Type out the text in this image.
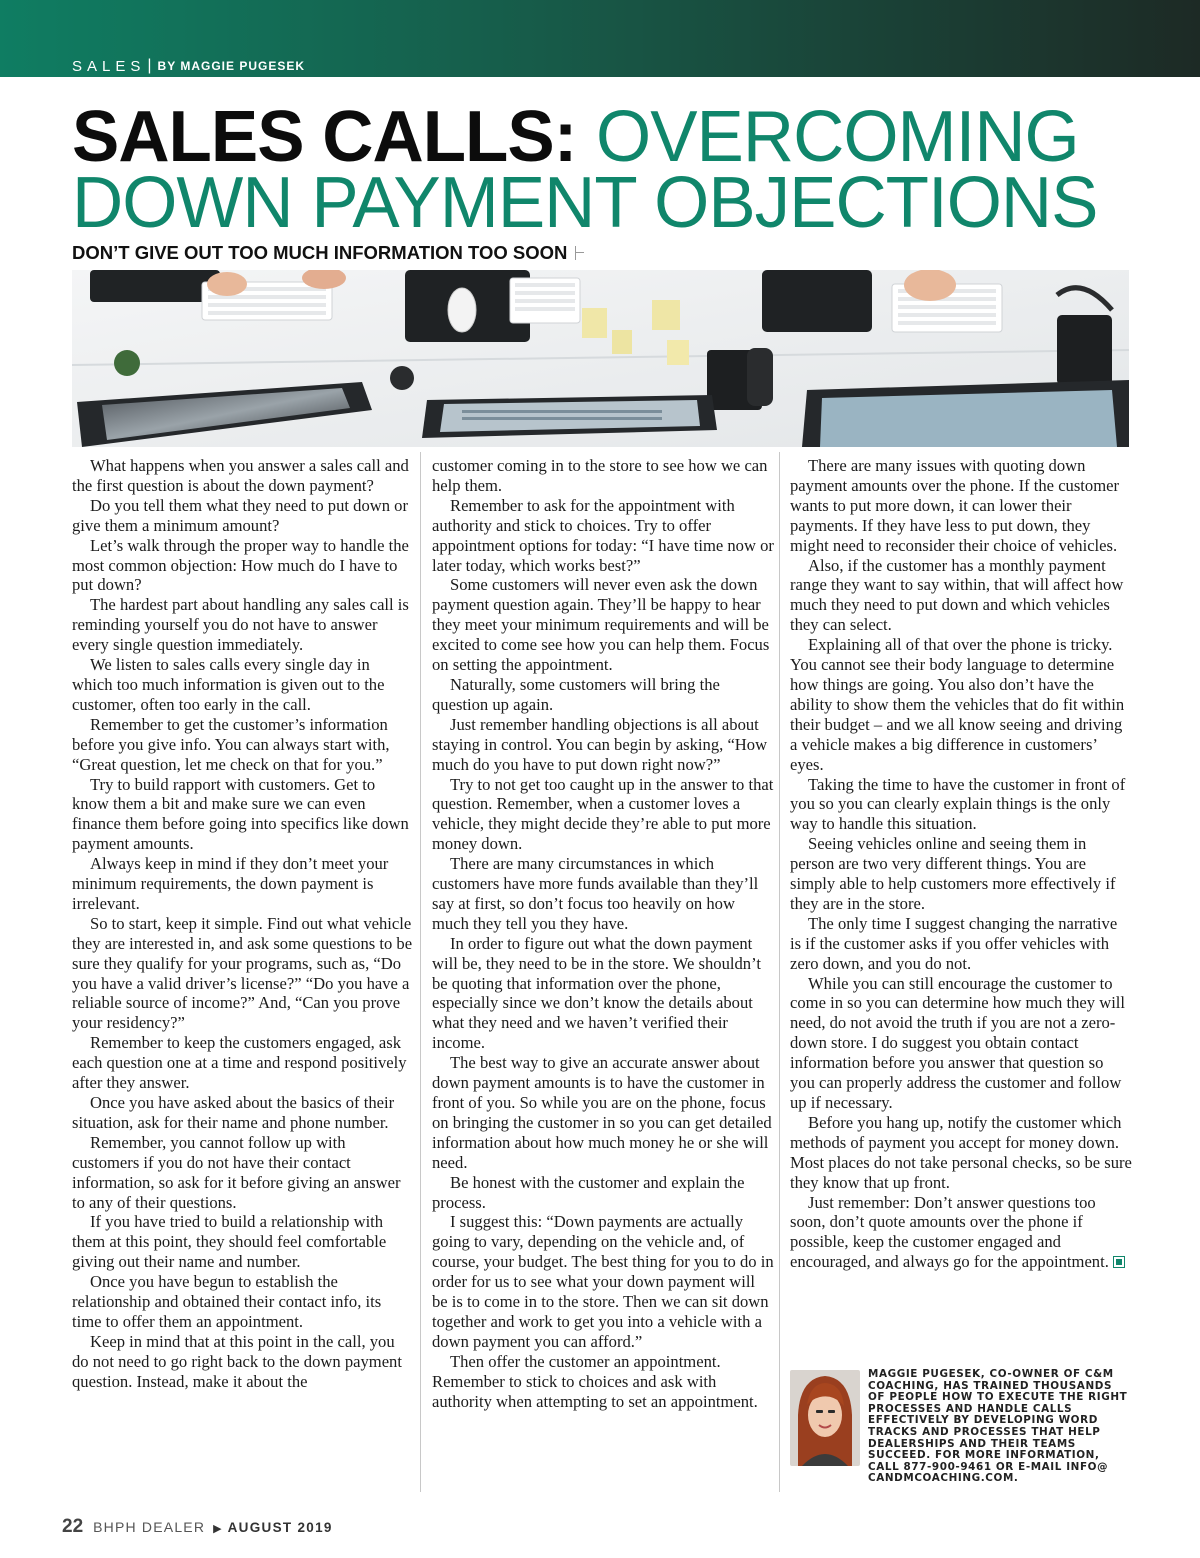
SALES | BY MAGGIE PUGESEK
SALES CALLS: OVERCOMING
DOWN PAYMENT OBJECTIONS
DON’T GIVE OUT TOO MUCH INFORMATION TOO SOON

What happens when you answer a sales call and the first question is about the down payment?

Do you tell them what they need to put down or give them a minimum amount?

Let’s walk through the proper way to handle the most common objection: How much do I have to put down?

The hardest part about handling any sales call is reminding yourself you do not have to answer every single question immediately.

We listen to sales calls every single day in which too much information is given out to the customer, often too early in the call.

Remember to get the customer’s information before you give info. You can always start with, “Great question, let me check on that for you.”

Try to build rapport with customers. Get to know them a bit and make sure we can even finance them before going into specifics like down payment amounts.

Always keep in mind if they don’t meet your minimum requirements, the down payment is irrelevant.

So to start, keep it simple. Find out what vehicle they are interested in, and ask some questions to be sure they qualify for your programs, such as, “Do you have a valid driver’s license?” “Do you have a reliable source of income?” And, “Can you prove your residency?”

Remember to keep the customers engaged, ask each question one at a time and respond positively after they answer.

Once you have asked about the basics of their situation, ask for their name and phone number.

Remember, you cannot follow up with customers if you do not have their contact information, so ask for it before giving an answer to any of their questions.

If you have tried to build a relationship with them at this point, they should feel comfortable giving out their name and number.

Once you have begun to establish the relationship and obtained their contact info, its time to offer them an appointment.

Keep in mind that at this point in the call, you do not need to go right back to the down payment question. Instead, make it about the

customer coming in to the store to see how we can help them.

Remember to ask for the appointment with authority and stick to choices. Try to offer appointment options for today: “I have time now or later today, which works best?”

Some customers will never even ask the down payment question again. They’ll be happy to hear they meet your minimum requirements and will be excited to come see how you can help them. Focus on setting the appointment.

Naturally, some customers will bring the question up again.

Just remember handling objections is all about staying in control. You can begin by asking, “How much do you have to put down right now?”

Try to not get too caught up in the answer to that question. Remember, when a customer loves a vehicle, they might decide they’re able to put more money down.

There are many circumstances in which customers have more funds available than they’ll say at first, so don’t focus too heavily on how much they tell you they have.

In order to figure out what the down payment will be, they need to be in the store. We shouldn’t be quoting that information over the phone, especially since we don’t know the details about what they need and we haven’t verified their income.

The best way to give an accurate answer about down payment amounts is to have the customer in front of you. So while you are on the phone, focus on bringing the customer in so you can get detailed information about how much money he or she will need.

Be honest with the customer and explain the process.

I suggest this: “Down payments are actually going to vary, depending on the vehicle and, of course, your budget. The best thing for you to do in order for us to see what your down payment will be is to come in to the store. Then we can sit down together and work to get you into a vehicle with a down payment you can afford.”

Then offer the customer an appointment. Remember to stick to choices and ask with authority when attempting to set an appointment.

There are many issues with quoting down payment amounts over the phone. If the customer wants to put more down, it can lower their payments. If they have less to put down, they might need to reconsider their choice of vehicles.

Also, if the customer has a monthly payment range they want to say within, that will affect how much they need to put down and which vehicles they can select.

Explaining all of that over the phone is tricky. You cannot see their body language to determine how things are going. You also don’t have the ability to show them the vehicles that do fit within their budget – and we all know seeing and driving a vehicle makes a big difference in customers’ eyes.

Taking the time to have the customer in front of you so you can clearly explain things is the only way to handle this situation.

Seeing vehicles online and seeing them in person are two very different things. You are simply able to help customers more effectively if they are in the store.

The only time I suggest changing the narrative is if the customer asks if you offer vehicles with zero down, and you do not.

While you can still encourage the customer to come in so you can determine how much they will need, do not avoid the truth if you are not a zero-down store. I do suggest you obtain contact information before you answer that question so you can properly address the customer and follow up if necessary.

Before you hang up, notify the customer which methods of payment you accept for money down. Most places do not take personal checks, so be sure they know that up front.

Just remember: Don’t answer questions too soon, don’t quote amounts over the phone if possible, keep the customer engaged and encouraged, and always go for the appointment.

MAGGIE PUGESEK, CO-OWNER OF C&M COACHING, HAS TRAINED THOUSANDS OF PEOPLE HOW TO EXECUTE THE RIGHT PROCESSES AND HANDLE CALLS EFFECTIVELY BY DEVELOPING WORD TRACKS AND PROCESSES THAT HELP DEALERSHIPS AND THEIR TEAMS SUCCEED. FOR MORE INFORMATION, CALL 877-900-9461 OR E-MAIL INFO@ CANDMCOACHING.COM.
22 BHPH DEALER ▶ AUGUST 2019
